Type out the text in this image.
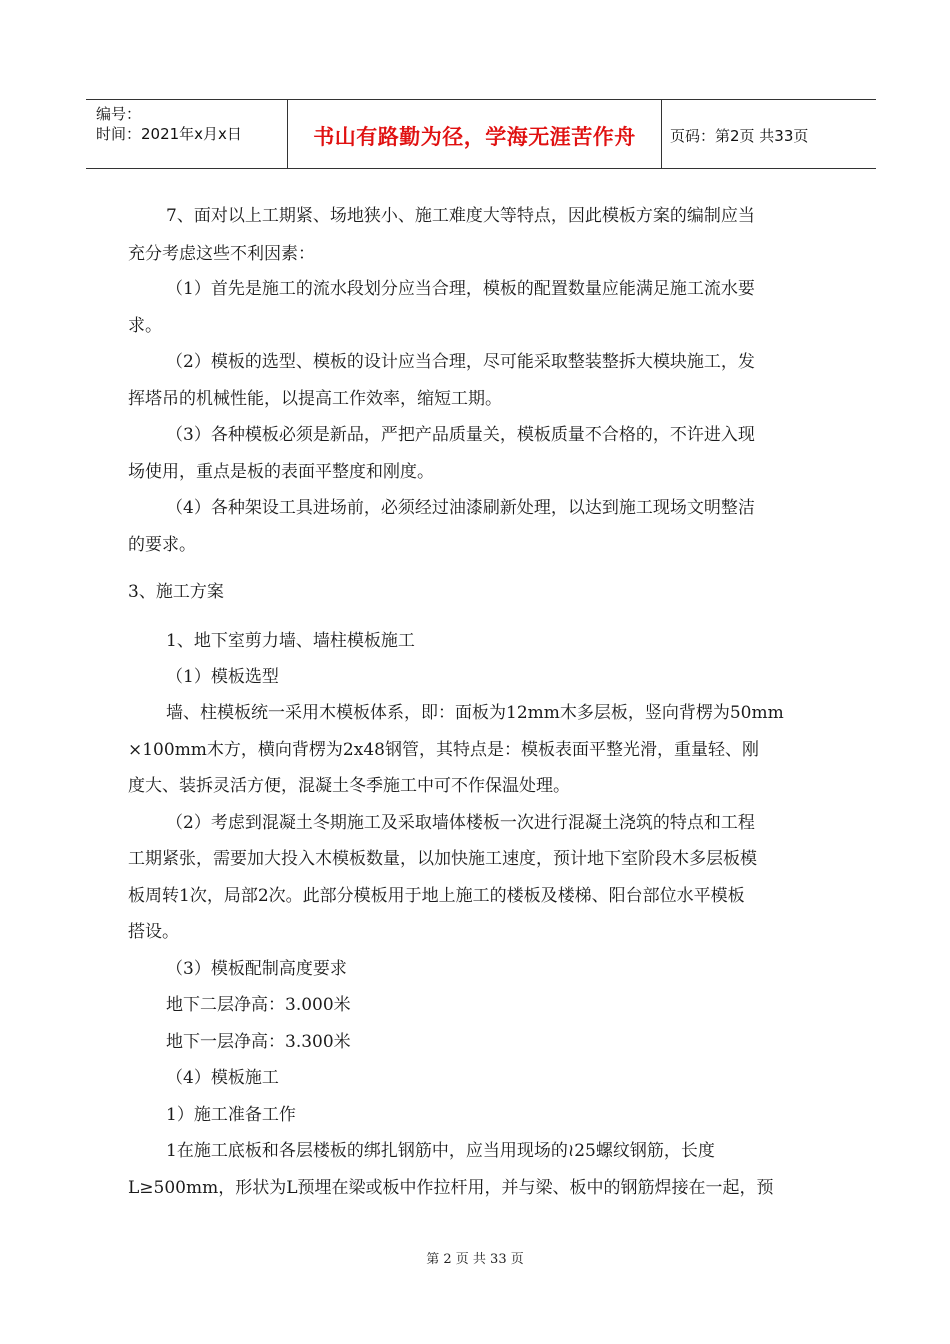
编号：
时间：2021年x月x日	书山有路勤为径，学海无涯苦作舟	页码：第2页 共33页
7、面对以上工期紧、场地狭小、施工难度大等特点，因此模板方案的编制应当
充分考虑这些不利因素：
（1）首先是施工的流水段划分应当合理，模板的配置数量应能满足施工流水要
求。
（2）模板的选型、模板的设计应当合理，尽可能采取整装整拆大模块施工，发
挥塔吊的机械性能，以提高工作效率，缩短工期。
（3）各种模板必须是新品，严把产品质量关，模板质量不合格的，不许进入现
场使用，重点是板的表面平整度和刚度。
（4）各种架设工具进场前，必须经过油漆刷新处理，以达到施工现场文明整洁
的要求。
3、施工方案
1、地下室剪力墙、墙柱模板施工
（1）模板选型
墙、柱模板统一采用木模板体系，即：面板为12mm木多层板，竖向背楞为50mm
×100mm木方，横向背楞为2ⅹ48钢管，其特点是：模板表面平整光滑，重量轻、刚
度大、装拆灵活方便，混凝土冬季施工中可不作保温处理。
（2）考虑到混凝土冬期施工及采取墙体楼板一次进行混凝土浇筑的特点和工程
工期紧张，需要加大投入木模板数量，以加快施工速度，预计地下室阶段木多层板模
板周转1次，局部2次。此部分模板用于地上施工的楼板及楼梯、阳台部位水平模板
搭设。
（3）模板配制高度要求
地下二层净高：3.000米
地下一层净高：3.300米
（4）模板施工
1）施工准备工作
1在施工底板和各层楼板的绑扎钢筋中，应当用现场的≀25螺纹钢筋，长度
L≥500mm，形状为L预埋在梁或板中作拉杆用，并与梁、板中的钢筋焊接在一起，预
第 2 页 共 33 页
